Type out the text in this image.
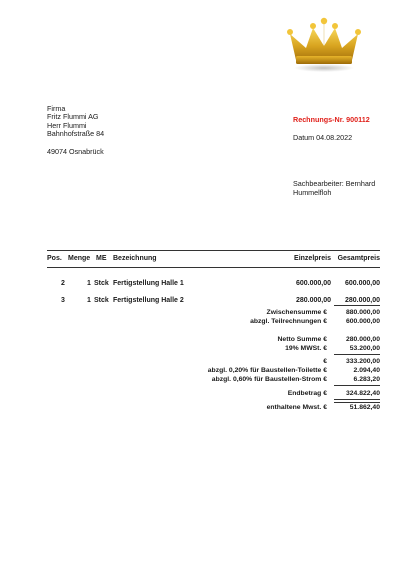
Firma
Fritz Flummi AG
Herr Flummi
Bahnhofstraße 84
49074 Osnabrück
Rechnungs-Nr. 900112
Datum 04.08.2022
Sachbearbeiter: Bernhard Hummelfloh
Pos. Menge ME Bezeichnung	Einzelpreis Gesamtpreis
2	1 Stck Fertigstellung Halle 1	600.000,00 600.000,00
3	1 Stck Fertigstellung Halle 2	280.000,00 280.000,00
Zwischensumme €	880.000,00
abzgl. Teilrechnungen €	600.000,00
Netto Summe €	280.000,00
19% MWSt. €	53.200,00
€	333.200,00
abzgl. 0,20% für Baustellen-Toilette €	2.094,40
abzgl. 0,60% für Baustellen-Strom €	6.283,20
Endbetrag €	324.822,40
enthaltene Mwst. €	51.862,40
